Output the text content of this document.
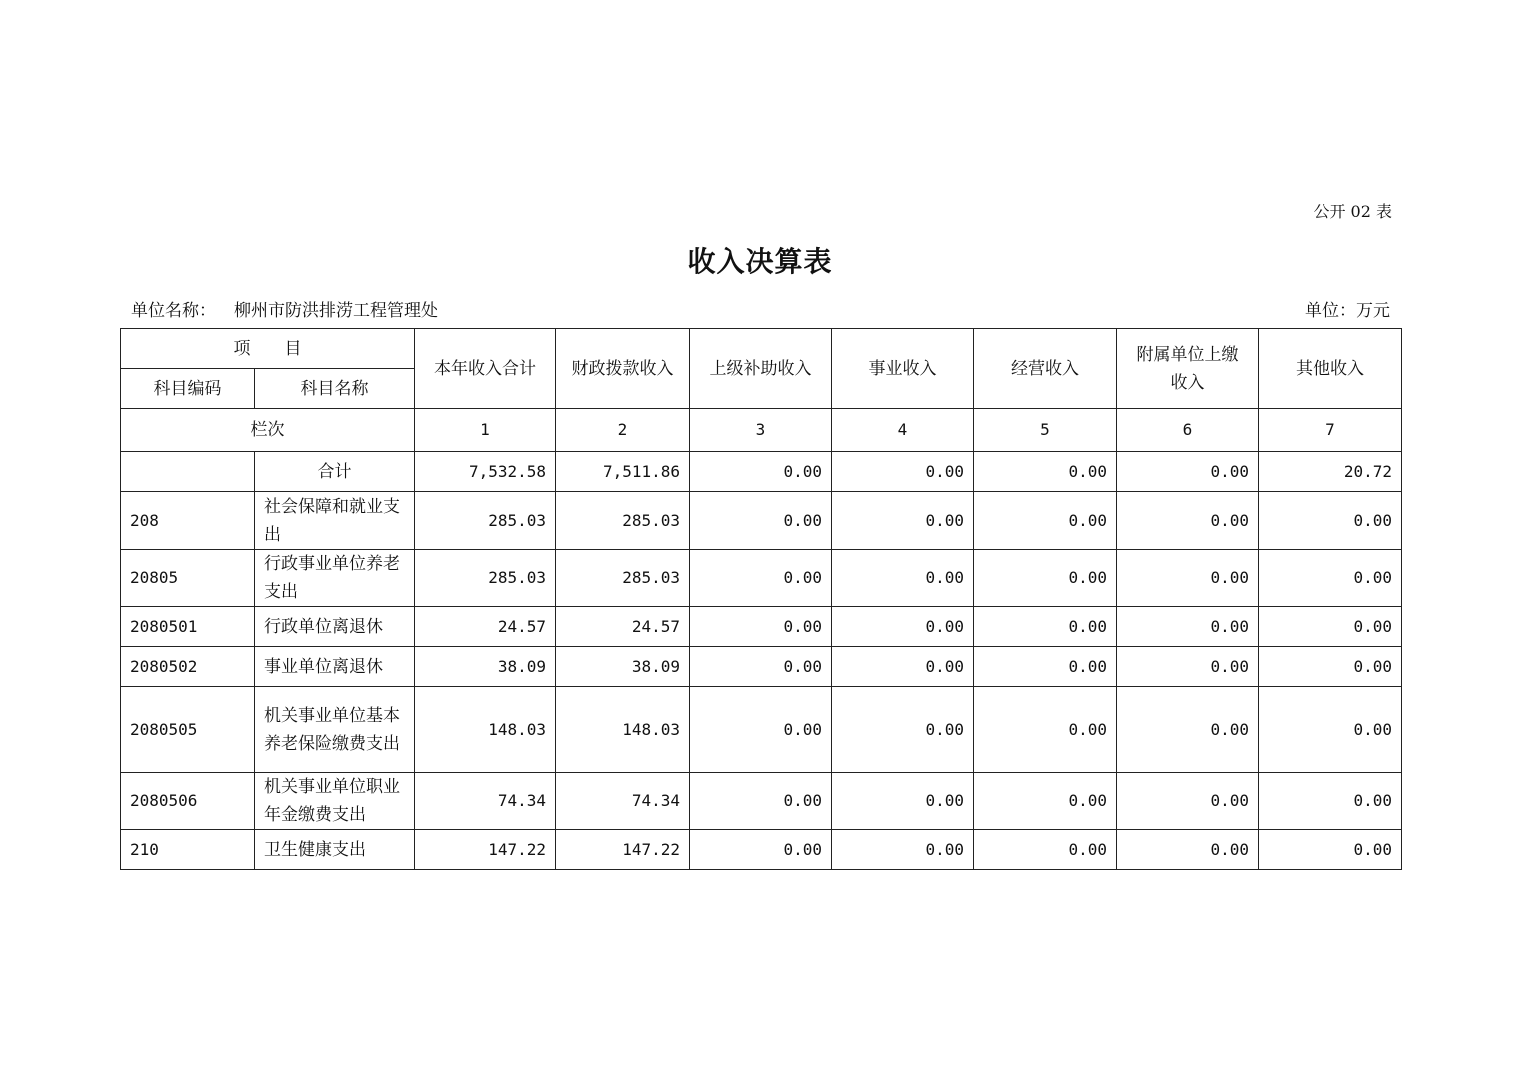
公开 02 表
收入决算表
单位名称： 柳州市防洪排涝工程管理处	单位：万元
项　　目		本年收入合计	财政拨款收入	上级补助收入	事业收入	经营收入	附属单位上缴收入	其他收入
科目编码	科目名称							
栏次		1	2	3	4	5	6	7
	合计	7,532.58	7,511.86	0.00	0.00	0.00	0.00	20.72
208	社会保障和就业支出	285.03	285.03	0.00	0.00	0.00	0.00	0.00
20805	行政事业单位养老支出	285.03	285.03	0.00	0.00	0.00	0.00	0.00
2080501	行政单位离退休	24.57	24.57	0.00	0.00	0.00	0.00	0.00
2080502	事业单位离退休	38.09	38.09	0.00	0.00	0.00	0.00	0.00
2080505	机关事业单位基本养老保险缴费支出	148.03	148.03	0.00	0.00	0.00	0.00	0.00
2080506	机关事业单位职业年金缴费支出	74.34	74.34	0.00	0.00	0.00	0.00	0.00
210	卫生健康支出	147.22	147.22	0.00	0.00	0.00	0.00	0.00
